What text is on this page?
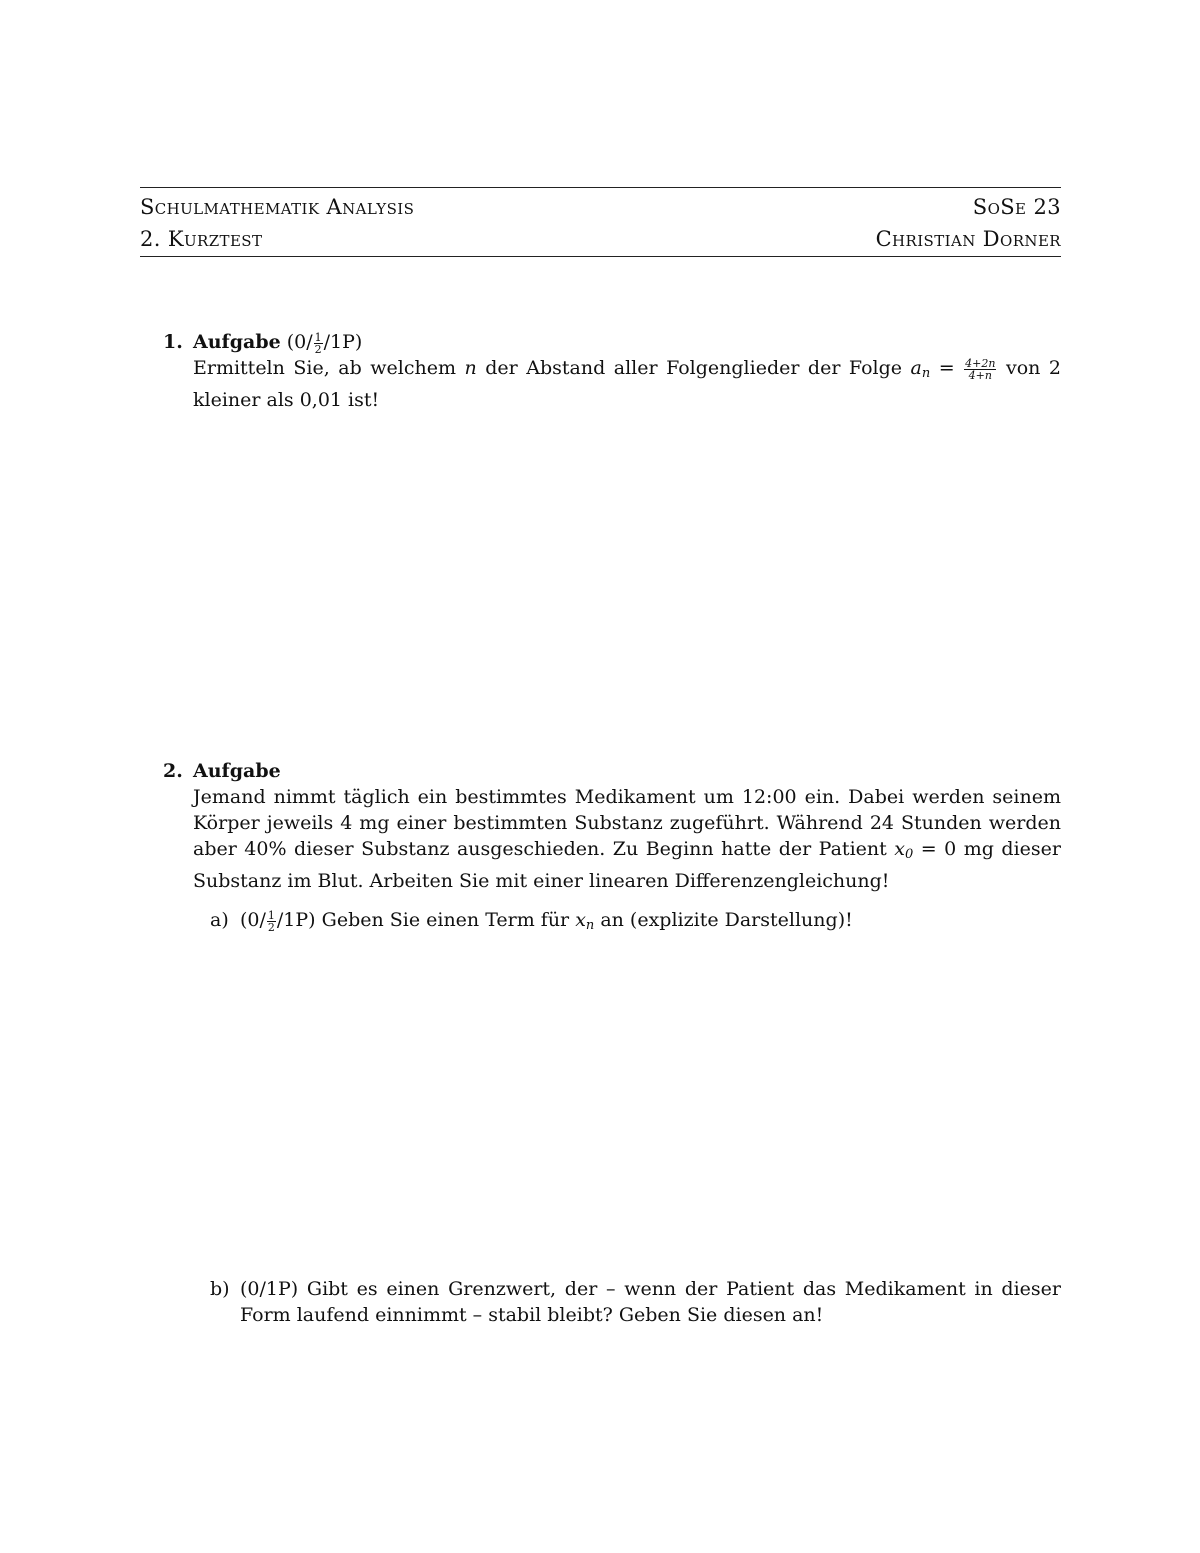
Schulmathematik Analysis	SoSe 23
2. Kurztest	Christian Dorner
1. Aufgabe $(0/ \frac{1}{2} /1P)$
Ermitteln Sie, ab welchem n der Abstand aller Folgenglieder der Folge $a_n = \frac{4+2n}{4+n}$ von 2 kleiner als 0,01 ist!
2. Aufgabe
Jemand nimmt täglich ein bestimmtes Medikament um 12:00 ein. Dabei werden seinem Körper jeweils 4 mg einer bestimmten Substanz zugeführt. Während 24 Stunden werden aber 40% dieser Substanz ausgeschieden. Zu Beginn hatte der Patient $x_0 = 0$ mg dieser Substanz im Blut. Arbeiten Sie mit einer linearen Differenzengleichung!
a) $(0/ \frac{1}{2} /1P)$ Geben Sie einen Term für $x_n$ an (explizite Darstellung)!
b) (0/1P) Gibt es einen Grenzwert, der – wenn der Patient das Medikament in dieser Form laufend einnimmt – stabil bleibt? Geben Sie diesen an!
